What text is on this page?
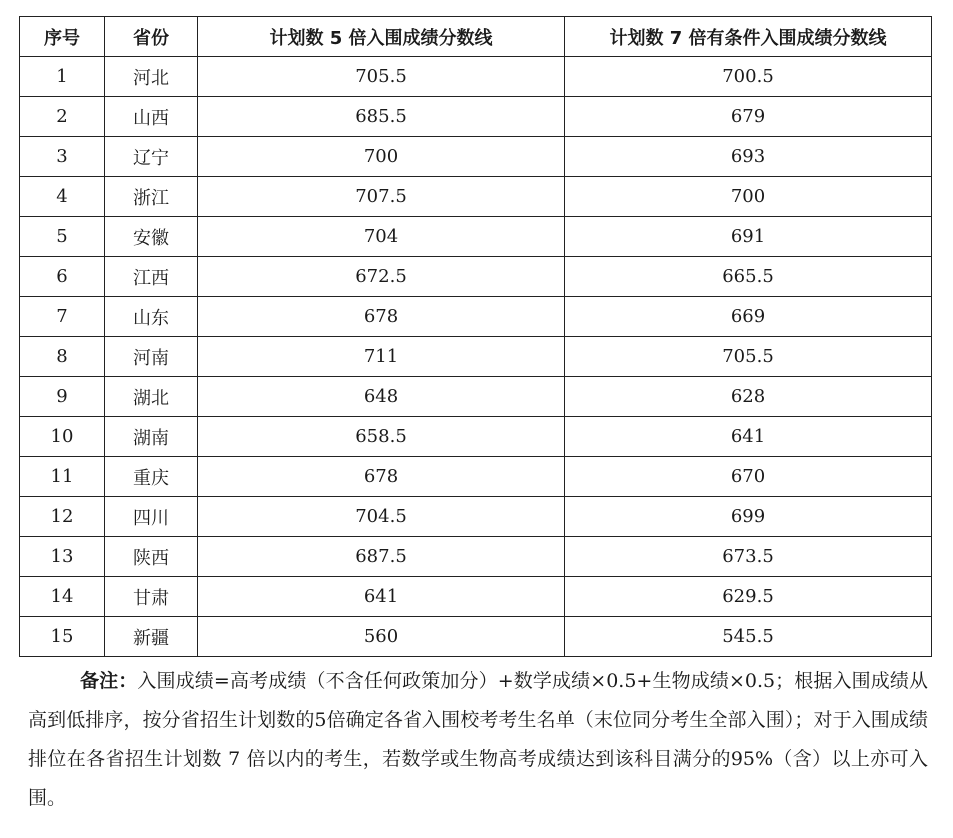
序号	省份	计划数 5 倍入围成绩分数线	计划数 7 倍有条件入围成绩分数线
1	河北	705.5	700.5
2	山西	685.5	679
3	辽宁	700	693
4	浙江	707.5	700
5	安徽	704	691
6	江西	672.5	665.5
7	山东	678	669
8	河南	711	705.5
9	湖北	648	628
10	湖南	658.5	641
11	重庆	678	670
12	四川	704.5	699
13	陕西	687.5	673.5
14	甘肃	641	629.5
15	新疆	560	545.5
备注：入围成绩=高考成绩（不含任何政策加分）+数学成绩×0.5+生物成绩×0.5；根据入围成绩从高到低排序，按分省招生计划数的5倍确定各省入围校考考生名单（末位同分考生全部入围）；对于入围成绩排位在各省招生计划数 7 倍以内的考生，若数学或生物高考成绩达到该科目满分的95%（含）以上亦可入围。
